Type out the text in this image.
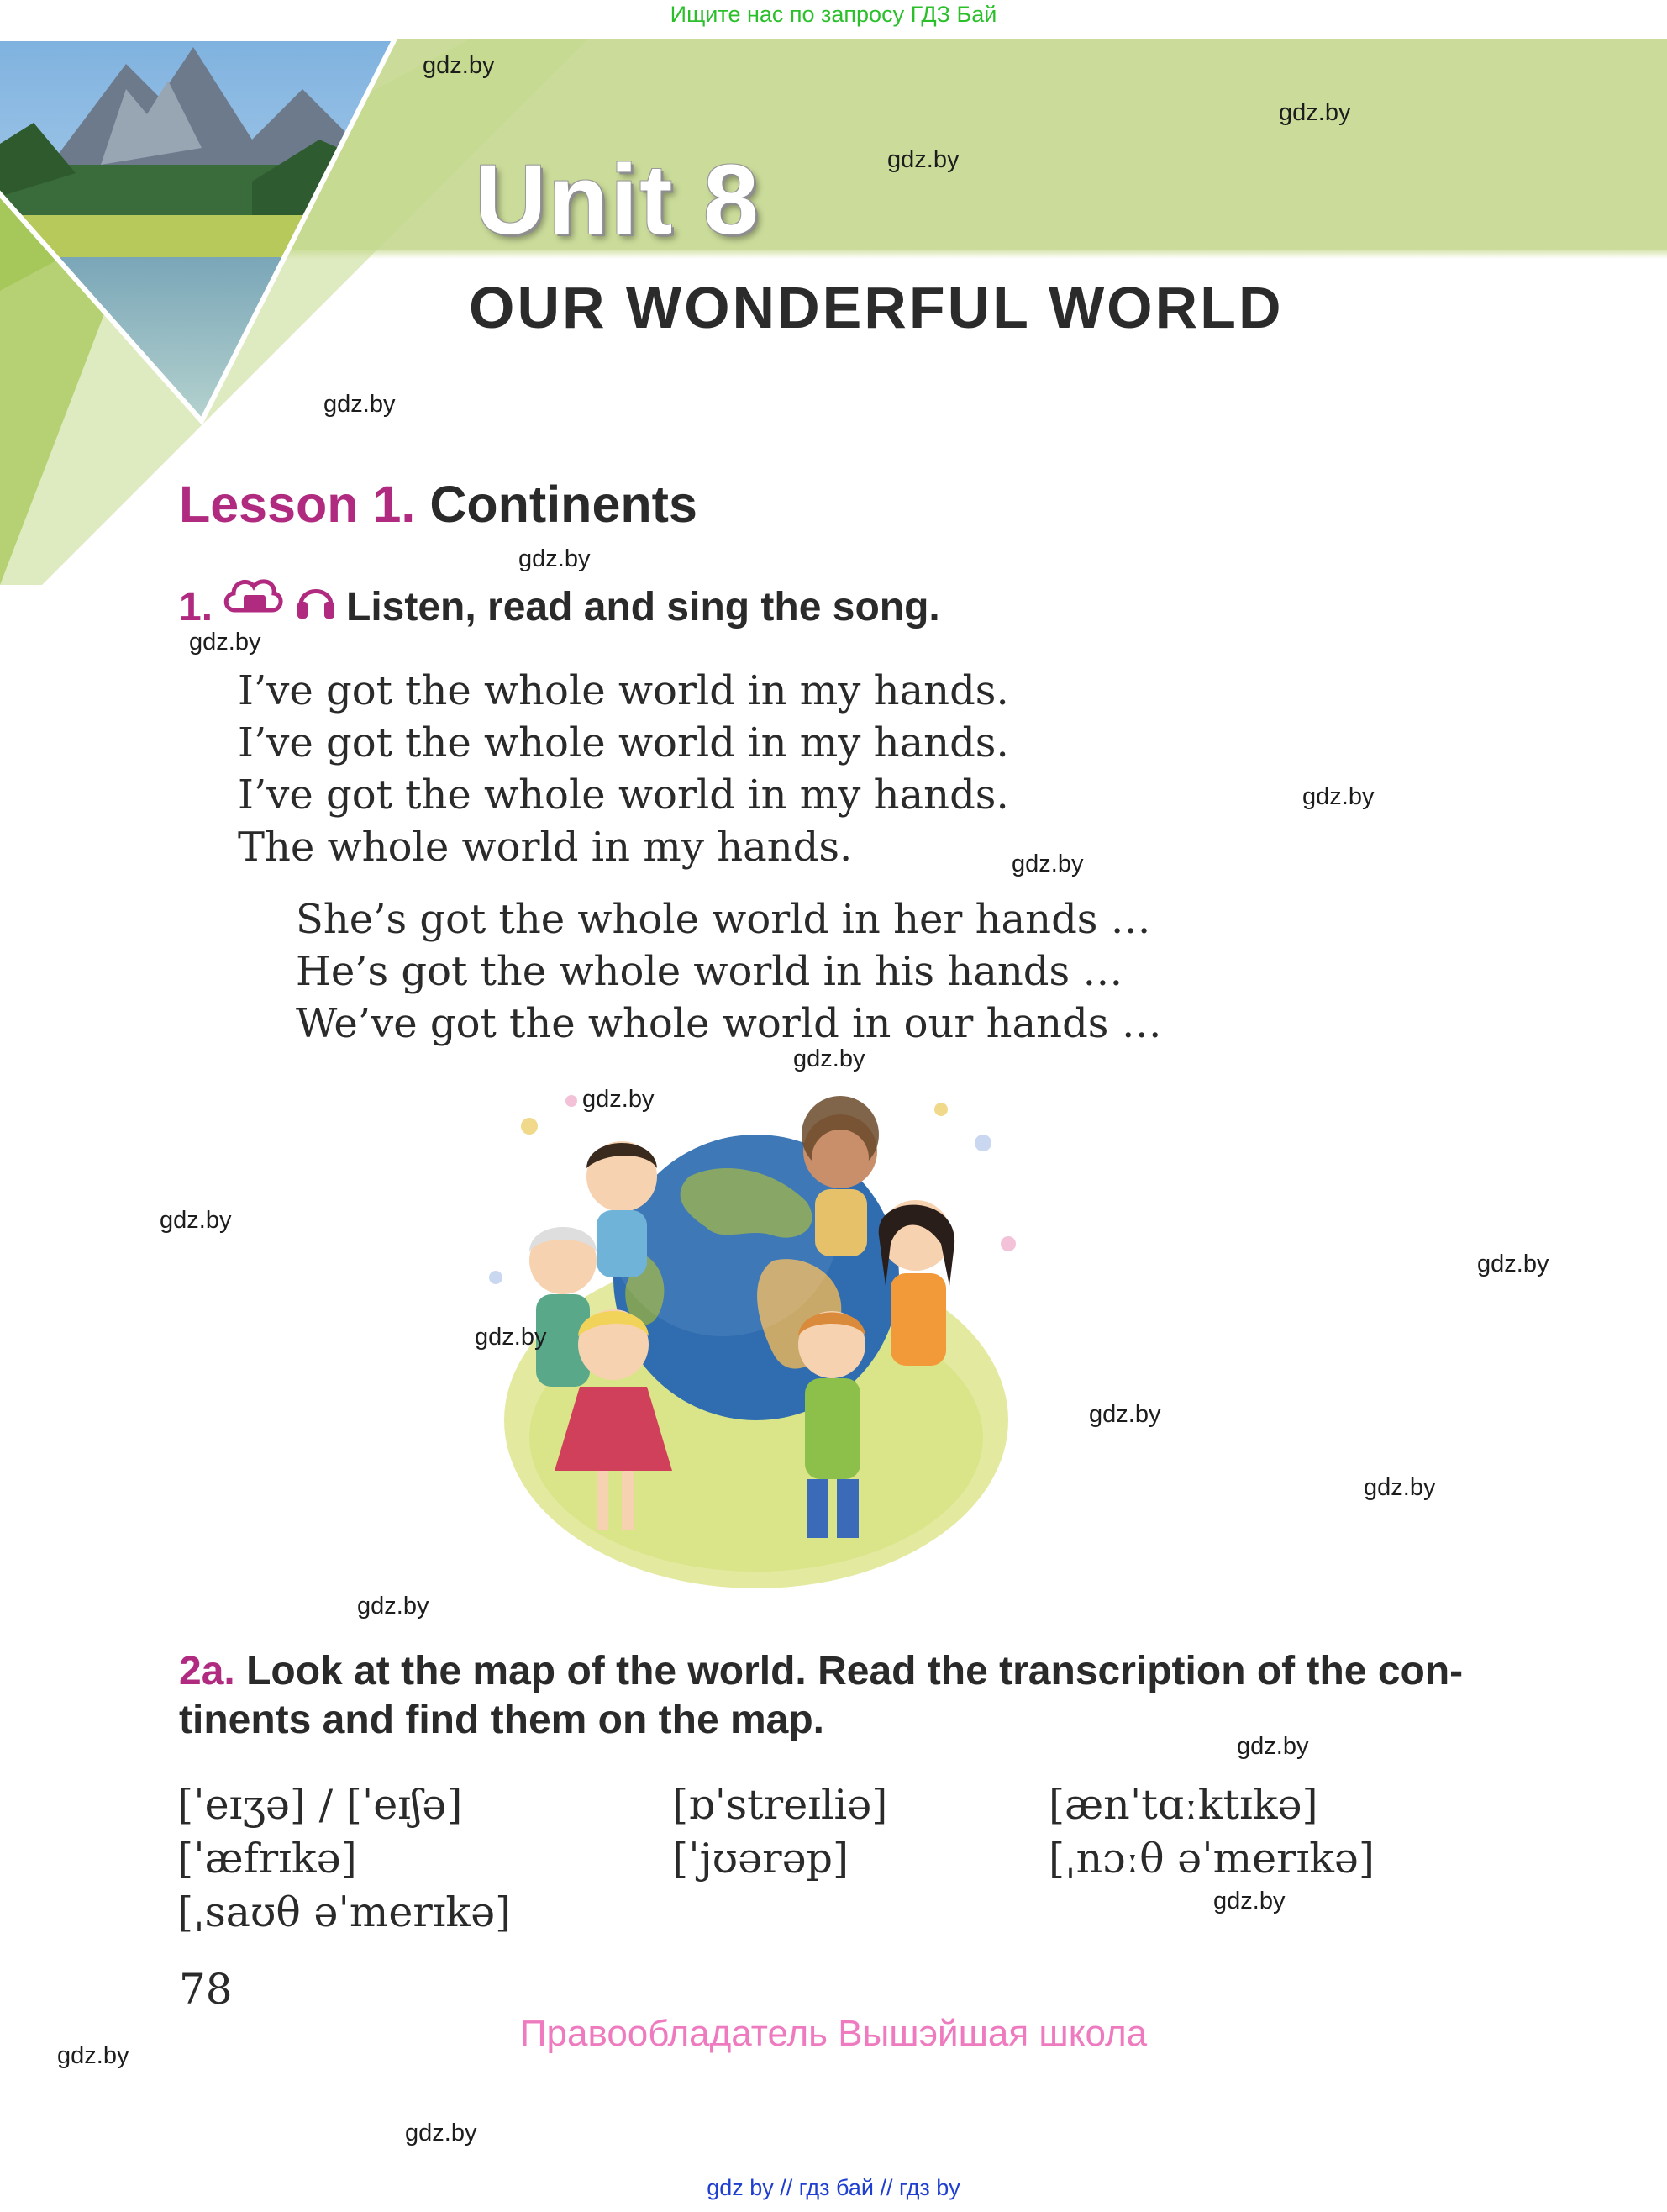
Ищите нас по запросу ГДЗ Бай
Unit 8
OUR WONDERFUL WORLD
Lesson 1. Continents
1.	Listen, read and sing the song.
I’ve got the whole world in my hands.
I’ve got the whole world in my hands.
I’ve got the whole world in my hands.
The whole world in my hands.
She’s got the whole world in her hands …
He’s got the whole world in his hands …
We’ve got the whole world in our hands …
2a. Look at the map of the world. Read the transcription of the con-
tinents and find them on the map.
[ˈeɪʒə] / [ˈeɪʃə]
[ˈæfrɪkə]
[ˌsaʊθ əˈmerɪkə]
[ɒˈstreɪliə]
[ˈjʊərəp]
[ænˈtɑːktɪkə]
[ˌnɔːθ əˈmerɪkə]
78
Правообладатель Вышэйшая школа
gdz by // гдз бай // гдз by
gdz.by
gdz.by
gdz.by
gdz.by
gdz.by
gdz.by
gdz.by
gdz.by
gdz.by
gdz.by
gdz.by
gdz.by
gdz.by
gdz.by
gdz.by
gdz.by
gdz.by
gdz.by
gdz.by
gdz.by
